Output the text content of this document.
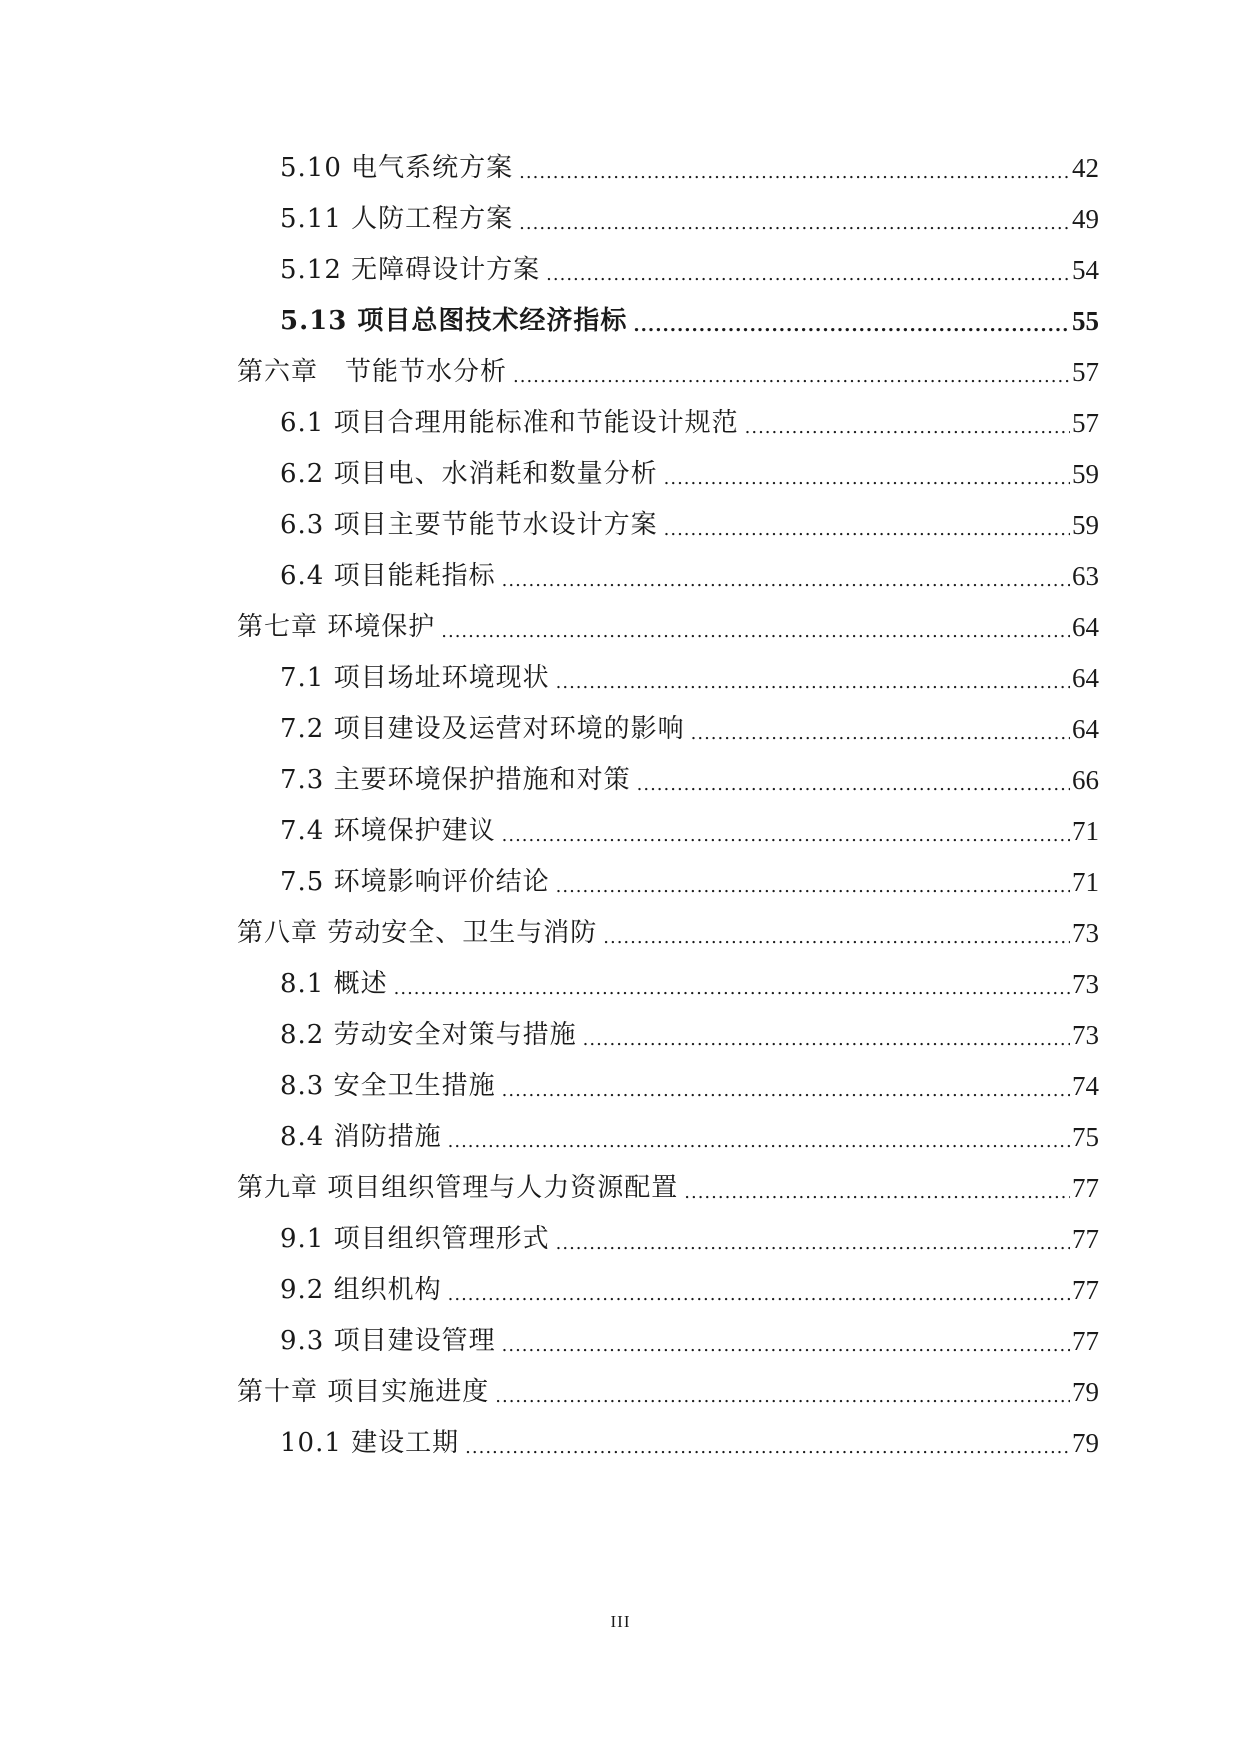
5.10 电气系统方案 .....	42
5.11 人防工程方案 .....	49
5.12 无障碍设计方案 .....	54
5.13 项目总图技术经济指标 .....	55
第六章　节能节水分析 .....	57
6.1 项目合理用能标准和节能设计规范 .....	57
6.2 项目电、水消耗和数量分析 .....	59
6.3 项目主要节能节水设计方案 .....	59
6.4 项目能耗指标 .....	63
第七章 环境保护 .....	64
7.1 项目场址环境现状 .....	64
7.2 项目建设及运营对环境的影响 .....	64
7.3 主要环境保护措施和对策 .....	66
7.4 环境保护建议 .....	71
7.5 环境影响评价结论 .....	71
第八章 劳动安全、卫生与消防 .....	73
8.1 概述 .....	73
8.2 劳动安全对策与措施 .....	73
8.3 安全卫生措施 .....	74
8.4 消防措施 .....	75
第九章 项目组织管理与人力资源配置 .....	77
9.1 项目组织管理形式 .....	77
9.2 组织机构 .....	77
9.3 项目建设管理 .....	77
第十章 项目实施进度 .....	79
10.1 建设工期 .....	79
III
